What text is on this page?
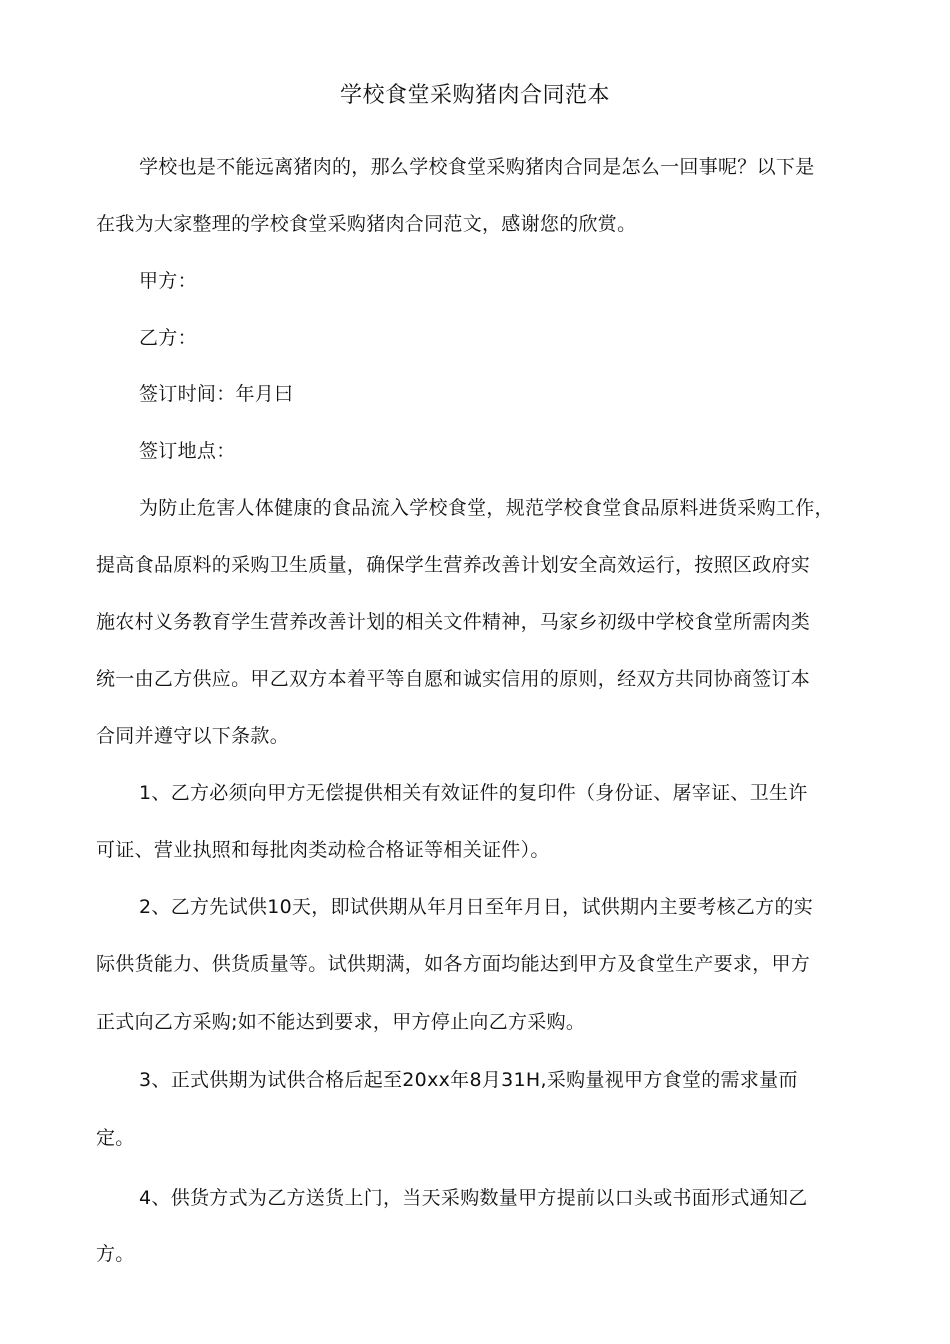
学校食堂采购猪肉合同范本
学校也是不能远离猪肉的，那么学校食堂采购猪肉合同是怎么一回事呢？以下是
在我为大家整理的学校食堂采购猪肉合同范文，感谢您的欣赏。
甲方：
乙方：
签订时间：年月曰
签订地点：
为防止危害人体健康的食品流入学校食堂，规范学校食堂食品原料进货采购工作，
提高食品原料的采购卫生质量，确保学生营养改善计划安全高效运行，按照区政府实
施农村义务教育学生营养改善计划的相关文件精神，马家乡初级中学校食堂所需肉类
统一由乙方供应。甲乙双方本着平等自愿和诚实信用的原则，经双方共同协商签订本
合同并遵守以下条款。
1、乙方必须向甲方无偿提供相关有效证件的复印件（身份证、屠宰证、卫生许
可证、营业执照和每批肉类动检合格证等相关证件）。
2、乙方先试供10天，即试供期从年月日至年月日，试供期内主要考核乙方的实
际供货能力、供货质量等。试供期满，如各方面均能达到甲方及食堂生产要求，甲方
正式向乙方采购;如不能达到要求，甲方停止向乙方采购。
3、正式供期为试供合格后起至20xx年8月31H,采购量视甲方食堂的需求量而
定。
4、供货方式为乙方送货上门，当天采购数量甲方提前以口头或书面形式通知乙
方。
